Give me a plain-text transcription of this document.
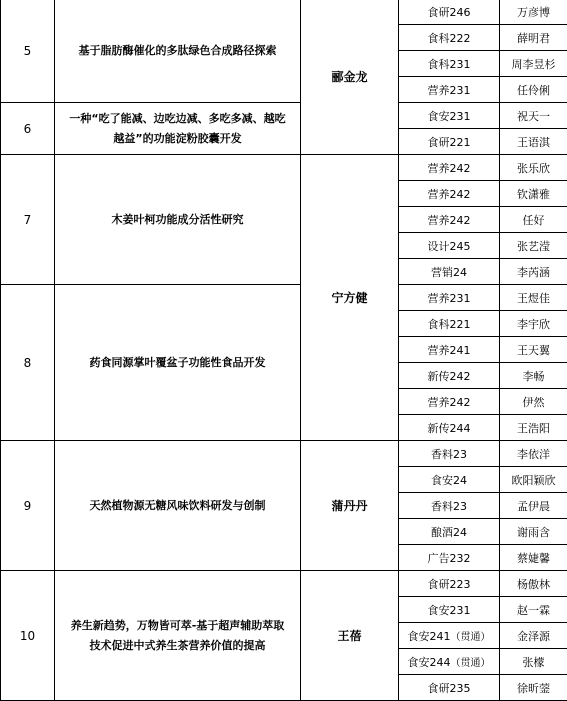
5	基于脂肪酶催化的多肽绿色合成路径探索	郦金龙	食研246	万彦博
			食科222	薛明君
			食科231	周李昱杉
			营养231	任伶俐
6	一种“吃了能减、边吃边减、多吃多减、越吃越益”的功能淀粉胶囊开发		食安231	祝天一
			食研221	王语淇
7	木姜叶柯功能成分活性研究	宁方健	营养242	张乐欣
			营养242	钦潇雅
			营养242	任好
			设计245	张艺滢
			营销24	李芮涵
8	药食同源掌叶覆盆子功能性食品开发		营养231	王煜佳
			食科221	李宇欣
			营养241	王天翼
			新传242	李畅
			营养242	伊然
			新传244	王浩阳
9	天然植物源无糖风味饮料研发与创制	蒲丹丹	香料23	李依洋
			食安24	欧阳颖欣
			香料23	孟伊晨
			酿酒24	谢雨含
			广告232	蔡婕馨
10	养生新趋势，万物皆可萃-基于超声辅助萃取技术促进中式养生茶营养价值的提高	王蓓	食研223	杨傲林
			食安231	赵一霖
			食安241（贯通）	金泽源
			食安244（贯通）	张檬
			食研235	徐昕蓥
